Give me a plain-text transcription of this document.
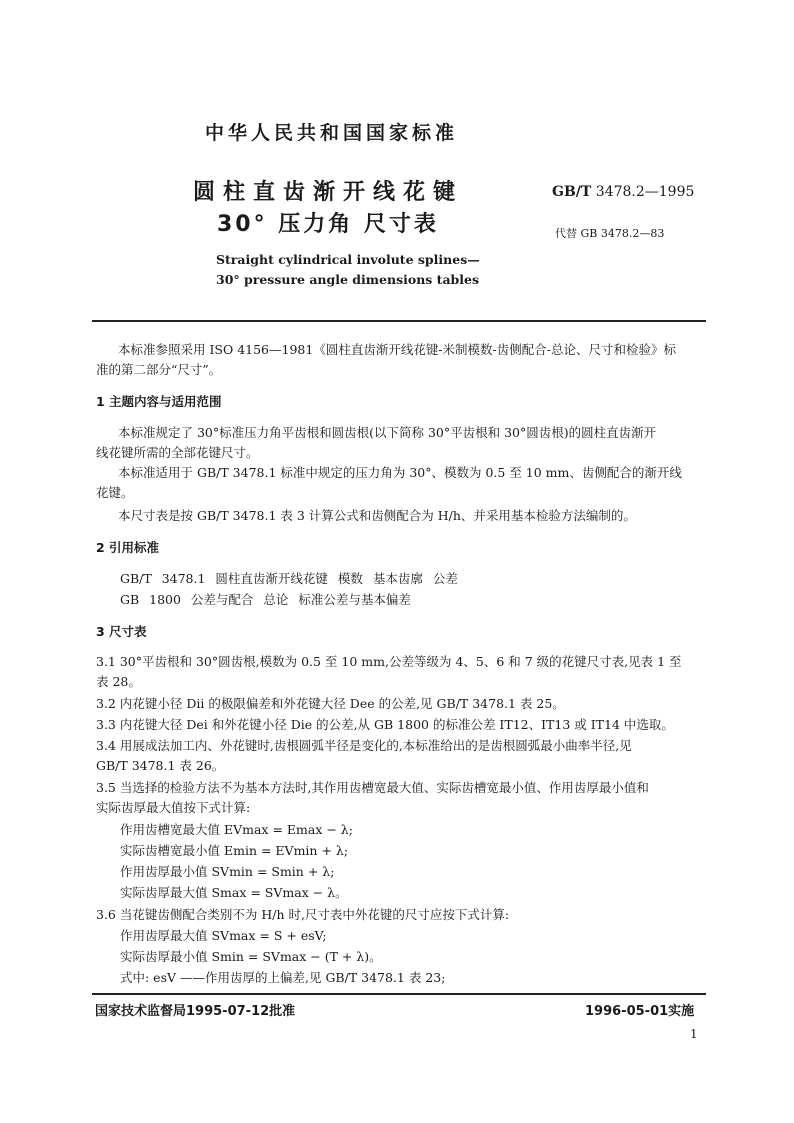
中华人民共和国国家标准
圆柱直齿渐开线花键
30° 压力角 尺寸表
GB/T 3478.2—1995
代替 GB 3478.2—83
Straight cylindrical involute splines—
30° pressure angle dimensions tables
本标准参照采用 ISO 4156—1981《圆柱直齿渐开线花键-米制模数-齿侧配合-总论、尺寸和检验》标
准的第二部分“尺寸”。
1 主题内容与适用范围
本标准规定了 30°标准压力角平齿根和圆齿根(以下简称 30°平齿根和 30°圆齿根)的圆柱直齿渐开
线花键所需的全部花键尺寸。
本标准适用于 GB/T 3478.1 标准中规定的压力角为 30°、模数为 0.5 至 10 mm、齿侧配合的渐开线
花键。
本尺寸表是按 GB/T 3478.1 表 3 计算公式和齿侧配合为 H/h、并采用基本检验方法编制的。
2 引用标准
GB/T 3478.1 圆柱直齿渐开线花键 模数 基本齿廓 公差
GB 1800 公差与配合 总论 标准公差与基本偏差
3 尺寸表
3.1 30°平齿根和 30°圆齿根,模数为 0.5 至 10 mm,公差等级为 4、5、6 和 7 级的花键尺寸表,见表 1 至
表 28。
3.2 内花键小径 Dii 的极限偏差和外花键大径 Dee 的公差,见 GB/T 3478.1 表 25。
3.3 内花键大径 Dei 和外花键小径 Die 的公差,从 GB 1800 的标准公差 IT12、IT13 或 IT14 中选取。
3.4 用展成法加工内、外花键时,齿根圆弧半径是变化的,本标准给出的是齿根圆弧最小曲率半径,见
GB/T 3478.1 表 26。
3.5 当选择的检验方法不为基本方法时,其作用齿槽宽最大值、实际齿槽宽最小值、作用齿厚最小值和
实际齿厚最大值按下式计算:
作用齿槽宽最大值 EVmax = Emax − λ;
实际齿槽宽最小值 Emin = EVmin + λ;
作用齿厚最小值 SVmin = Smin + λ;
实际齿厚最大值 Smax = SVmax − λ。
3.6 当花键齿侧配合类别不为 H/h 时,尺寸表中外花键的尺寸应按下式计算:
作用齿厚最大值 SVmax = S + esV;
实际齿厚最小值 Smin = SVmax − (T + λ)。
式中: esV ——作用齿厚的上偏差,见 GB/T 3478.1 表 23;
国家技术监督局1995-07-12批准	1996-05-01实施
1
